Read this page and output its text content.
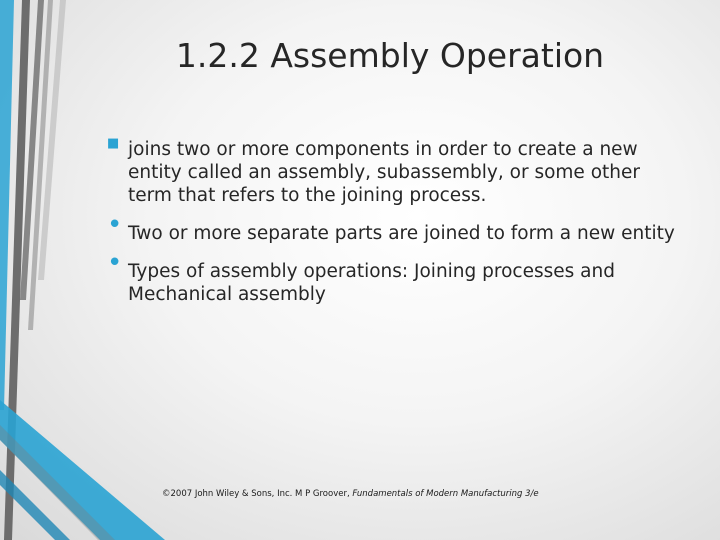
1.2.2 Assembly Operation
■ joins two or more components in order to create a new entity called an assembly, subassembly, or some other term that refers to the joining process.
• Two or more separate parts are joined to form a new entity
• Types of assembly operations: Joining processes and Mechanical assembly
©2007 John Wiley & Sons, Inc. M P Groover, Fundamentals of Modern Manufacturing 3/e
